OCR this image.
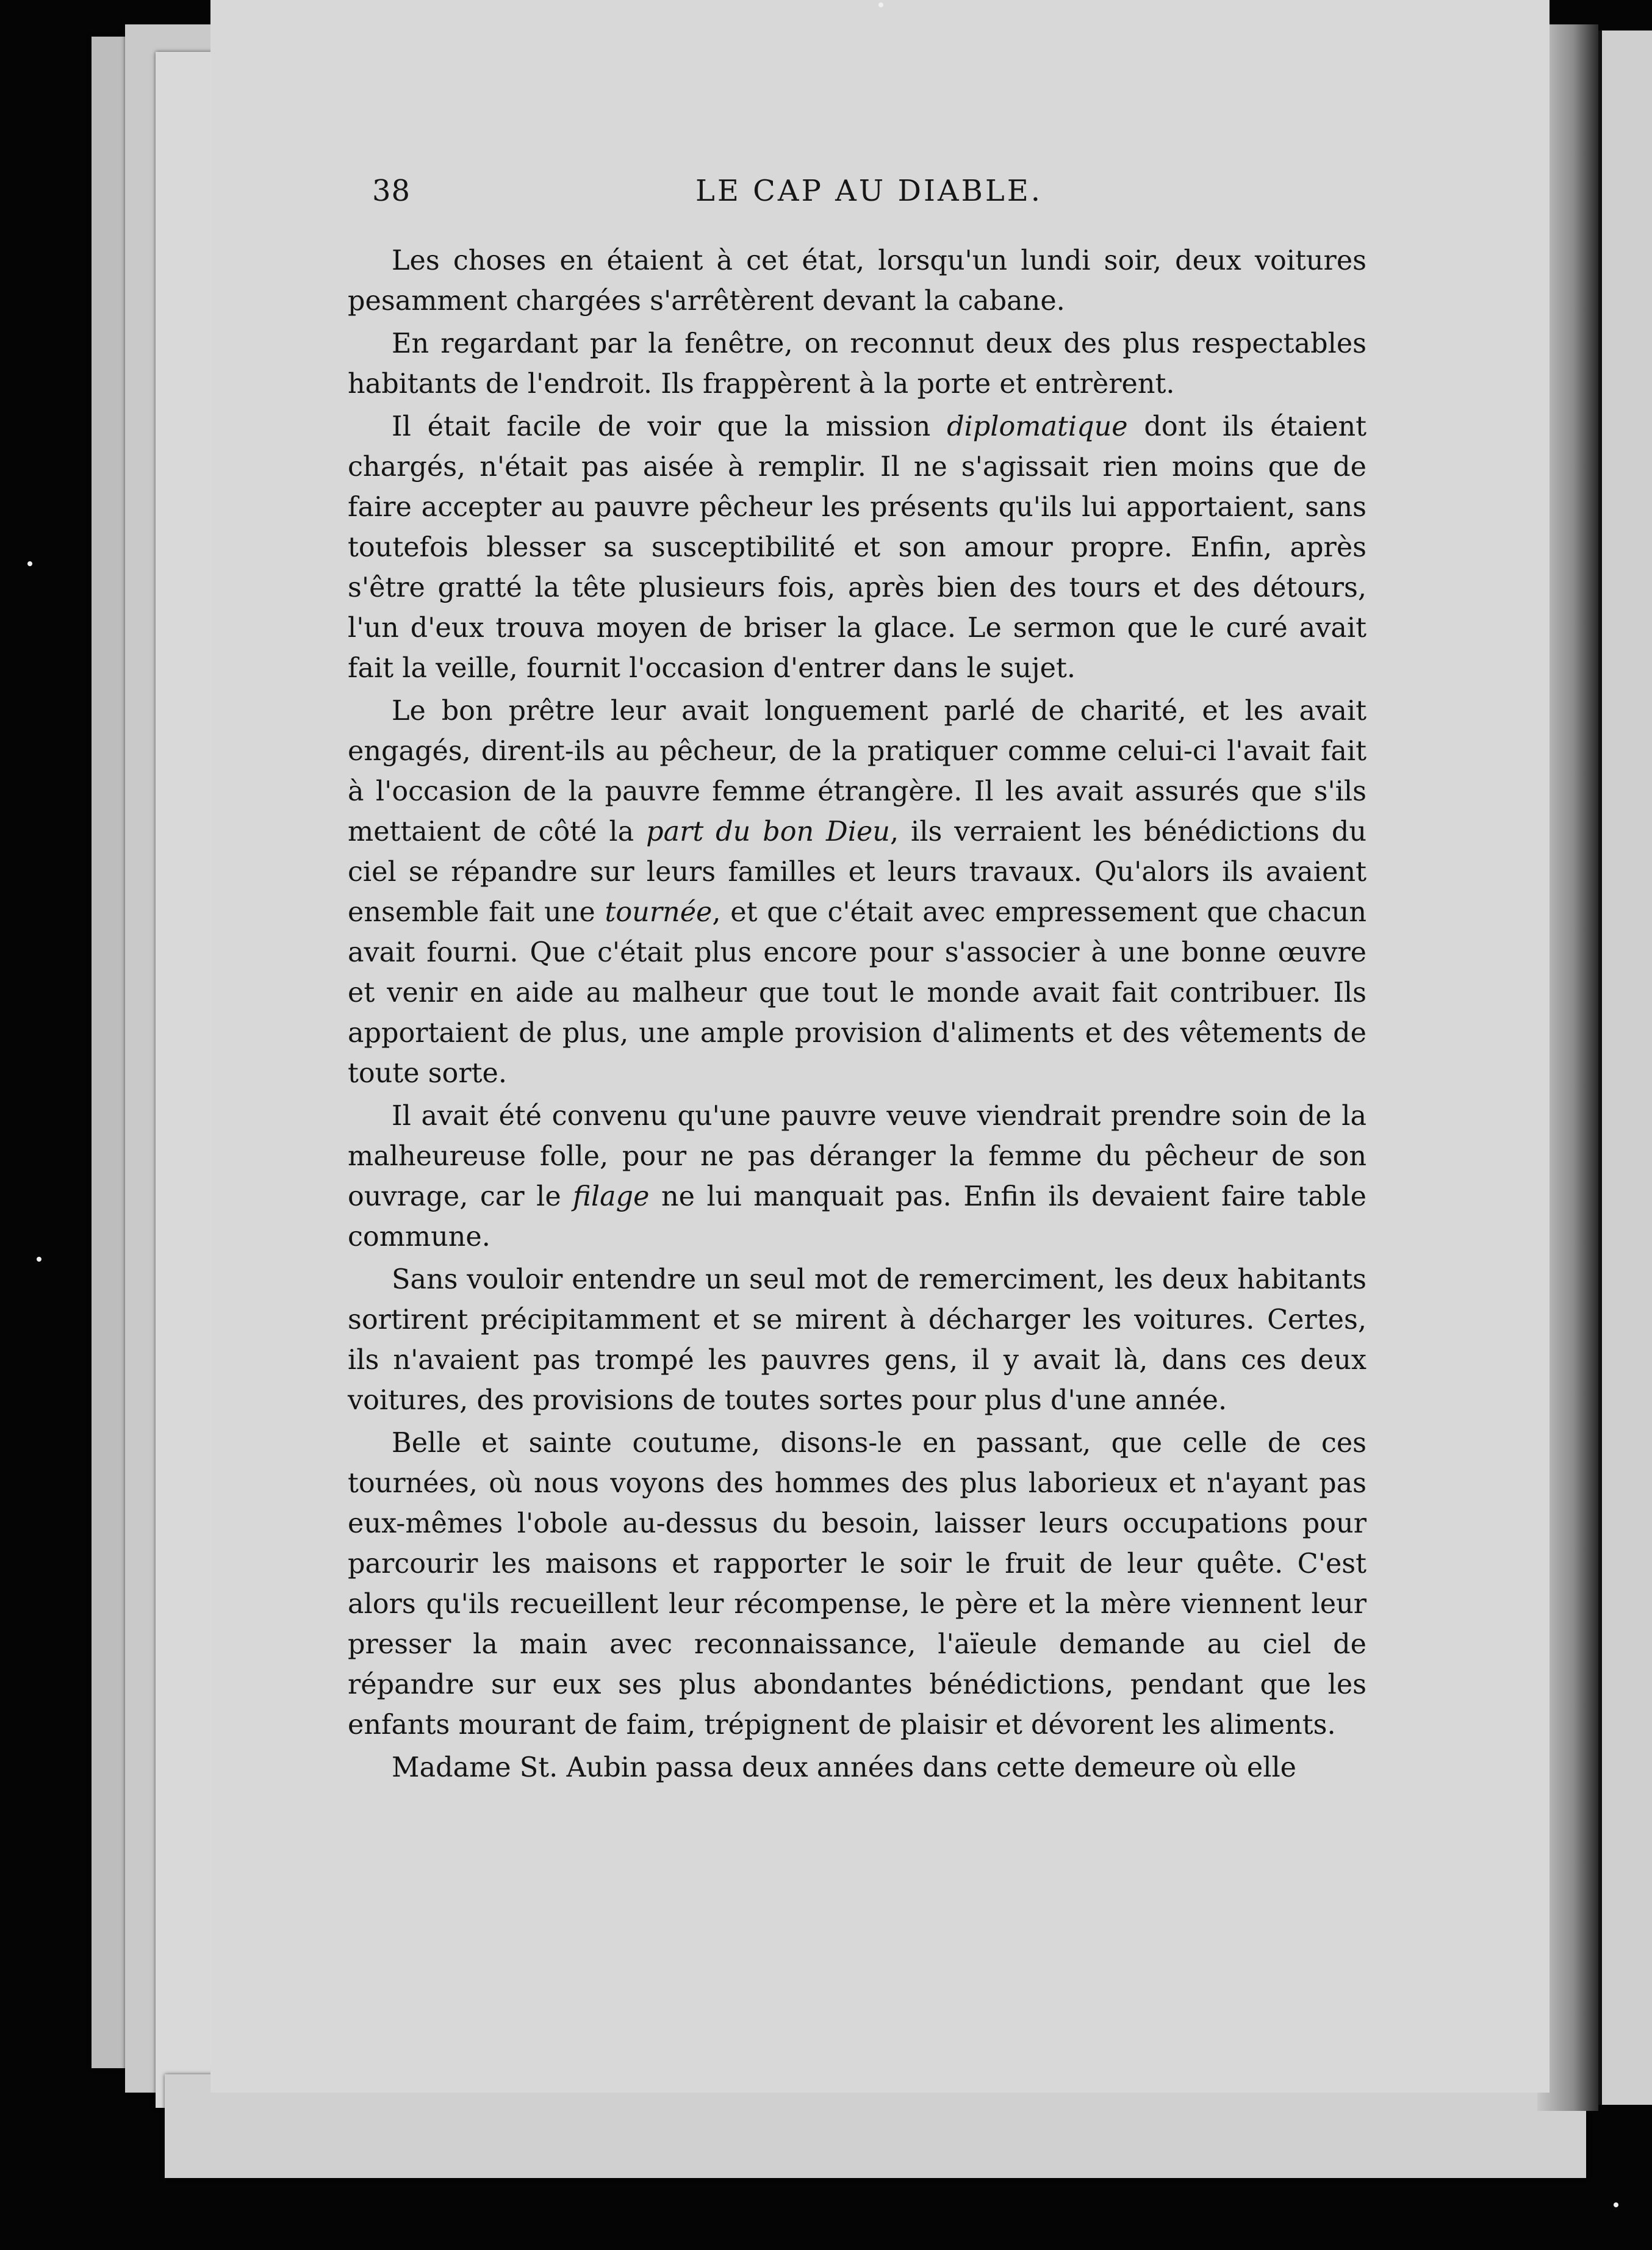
38	LE CAP AU DIABLE.

Les choses en étaient à cet état, lorsqu'un lundi soir, deux voitures pesamment chargées s'arrêtèrent devant la cabane.

En regardant par la fenêtre, on reconnut deux des plus respectables habitants de l'endroit. Ils frappèrent à la porte et entrèrent.

Il était facile de voir que la mission diplomatique dont ils étaient chargés, n'était pas aisée à remplir. Il ne s'agissait rien moins que de faire accepter au pauvre pêcheur les présents qu'ils lui apportaient, sans toutefois blesser sa susceptibilité et son amour propre. Enfin, après s'être gratté la tête plusieurs fois, après bien des tours et des détours, l'un d'eux trouva moyen de briser la glace. Le sermon que le curé avait fait la veille, fournit l'occasion d'entrer dans le sujet.

Le bon prêtre leur avait longuement parlé de charité, et les avait engagés, dirent-ils au pêcheur, de la pratiquer comme celui-ci l'avait fait à l'occasion de la pauvre femme étrangère. Il les avait assurés que s'ils mettaient de côté la part du bon Dieu, ils verraient les bénédictions du ciel se répandre sur leurs familles et leurs travaux. Qu'alors ils avaient ensemble fait une tournée, et que c'était avec empressement que chacun avait fourni. Que c'était plus encore pour s'associer à une bonne œuvre et venir en aide au malheur que tout le monde avait fait contribuer. Ils apportaient de plus, une ample provision d'aliments et des vêtements de toute sorte.

Il avait été convenu qu'une pauvre veuve viendrait prendre soin de la malheureuse folle, pour ne pas déranger la femme du pêcheur de son ouvrage, car le filage ne lui manquait pas. Enfin ils devaient faire table commune.

Sans vouloir entendre un seul mot de remerciment, les deux habitants sortirent précipitamment et se mirent à décharger les voitures. Certes, ils n'avaient pas trompé les pauvres gens, il y avait là, dans ces deux voitures, des provisions de toutes sortes pour plus d'une année.

Belle et sainte coutume, disons-le en passant, que celle de ces tournées, où nous voyons des hommes des plus laborieux et n'ayant pas eux-mêmes l'obole au-dessus du besoin, laisser leurs occupations pour parcourir les maisons et rapporter le soir le fruit de leur quête. C'est alors qu'ils recueillent leur récompense, le père et la mère viennent leur presser la main avec reconnaissance, l'aïeule demande au ciel de répandre sur eux ses plus abondantes bénédictions, pendant que les enfants mourant de faim, trépignent de plaisir et dévorent les aliments.

Madame St. Aubin passa deux années dans cette demeure où elle
